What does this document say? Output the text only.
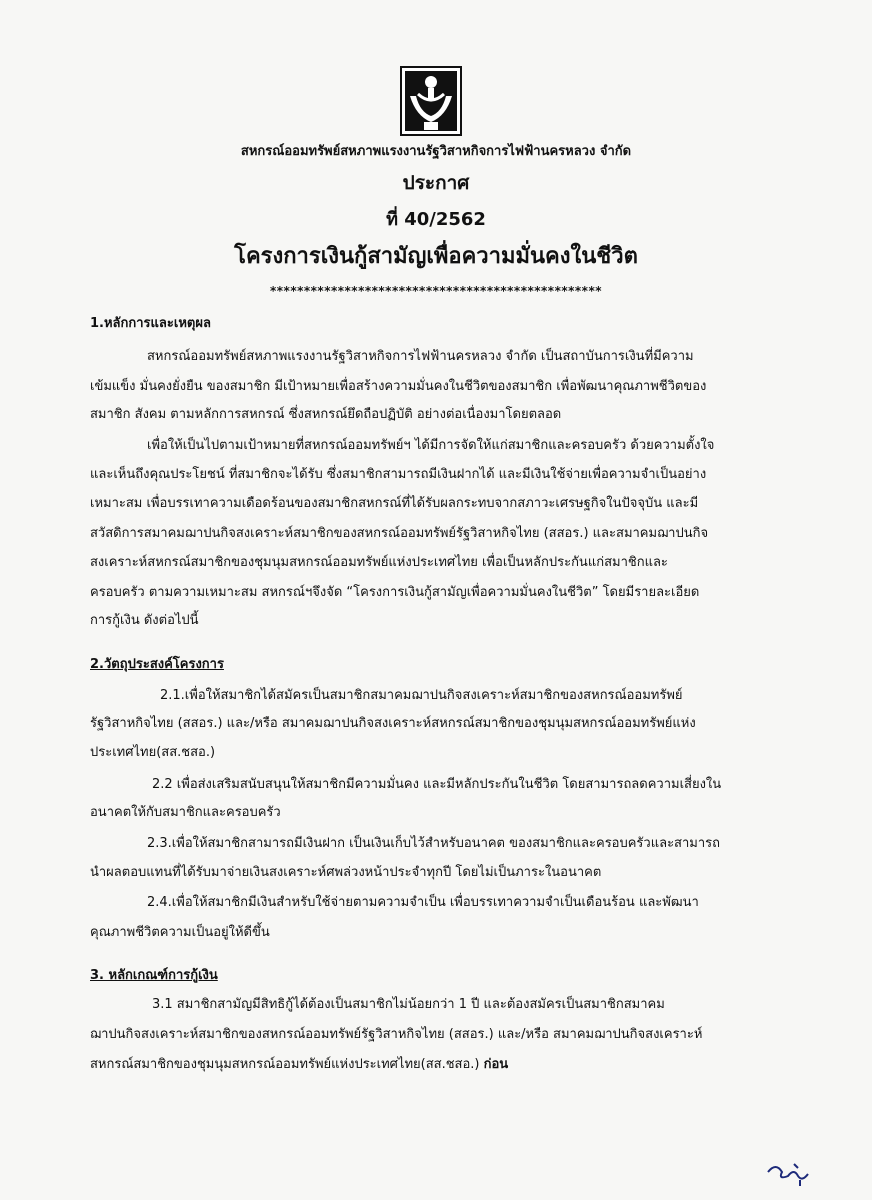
สหกรณ์ออมทรัพย์สหภาพแรงงานรัฐวิสาหกิจการไฟฟ้านครหลวง จำกัด
ประกาศ
ที่ 40/2562
โครงการเงินกู้สามัญเพื่อความมั่นคงในชีวิต
*************************************************
1.หลักการและเหตุผล
สหกรณ์ออมทรัพย์สหภาพแรงงานรัฐวิสาหกิจการไฟฟ้านครหลวง จำกัด เป็นสถาบันการเงินที่มีความ
เข้มแข็ง มั่นคงยั่งยืน ของสมาชิก มีเป้าหมายเพื่อสร้างความมั่นคงในชีวิตของสมาชิก เพื่อพัฒนาคุณภาพชีวิตของ
สมาชิก สังคม ตามหลักการสหกรณ์ ซึ่งสหกรณ์ยึดถือปฏิบัติ อย่างต่อเนื่องมาโดยตลอด
เพื่อให้เป็นไปตามเป้าหมายที่สหกรณ์ออมทรัพย์ฯ ได้มีการจัดให้แก่สมาชิกและครอบครัว ด้วยความตั้งใจ
และเห็นถึงคุณประโยชน์ ที่สมาชิกจะได้รับ ซึ่งสมาชิกสามารถมีเงินฝากได้ และมีเงินใช้จ่ายเพื่อความจำเป็นอย่าง
เหมาะสม เพื่อบรรเทาความเดือดร้อนของสมาชิกสหกรณ์ที่ได้รับผลกระทบจากสภาวะเศรษฐกิจในปัจจุบัน และมี
สวัสดิการสมาคมฌาปนกิจสงเคราะห์สมาชิกของสหกรณ์ออมทรัพย์รัฐวิสาหกิจไทย (สสอร.) และสมาคมฌาปนกิจ
สงเคราะห์สหกรณ์สมาชิกของชุมนุมสหกรณ์ออมทรัพย์แห่งประเทศไทย เพื่อเป็นหลักประกันแก่สมาชิกและ
ครอบครัว ตามความเหมาะสม สหกรณ์ฯจึงจัด “โครงการเงินกู้สามัญเพื่อความมั่นคงในชีวิต” โดยมีรายละเอียด
การกู้เงิน ดังต่อไปนี้
2.วัตถุประสงค์โครงการ
2.1.เพื่อให้สมาชิกได้สมัครเป็นสมาชิกสมาคมฌาปนกิจสงเคราะห์สมาชิกของสหกรณ์ออมทรัพย์
รัฐวิสาหกิจไทย (สสอร.) และ/หรือ สมาคมฌาปนกิจสงเคราะห์สหกรณ์สมาชิกของชุมนุมสหกรณ์ออมทรัพย์แห่ง
ประเทศไทย(สส.ชสอ.)
2.2 เพื่อส่งเสริมสนับสนุนให้สมาชิกมีความมั่นคง และมีหลักประกันในชีวิต โดยสามารถลดความเสี่ยงใน
อนาคตให้กับสมาชิกและครอบครัว
2.3.เพื่อให้สมาชิกสามารถมีเงินฝาก เป็นเงินเก็บไว้สำหรับอนาคต ของสมาชิกและครอบครัวและสามารถ
นำผลตอบแทนที่ได้รับมาจ่ายเงินสงเคราะห์ศพล่วงหน้าประจำทุกปี โดยไม่เป็นภาระในอนาคต
2.4.เพื่อให้สมาชิกมีเงินสำหรับใช้จ่ายตามความจำเป็น เพื่อบรรเทาความจำเป็นเดือนร้อน และพัฒนา
คุณภาพชีวิตความเป็นอยู่ให้ดีขึ้น
3. หลักเกณฑ์การกู้เงิน
3.1 สมาชิกสามัญมีสิทธิกู้ได้ต้องเป็นสมาชิกไม่น้อยกว่า 1 ปี และต้องสมัครเป็นสมาชิกสมาคม
ฌาปนกิจสงเคราะห์สมาชิกของสหกรณ์ออมทรัพย์รัฐวิสาหกิจไทย (สสอร.) และ/หรือ สมาคมฌาปนกิจสงเคราะห์
สหกรณ์สมาชิกของชุมนุมสหกรณ์ออมทรัพย์แห่งประเทศไทย(สส.ชสอ.) ก่อน
